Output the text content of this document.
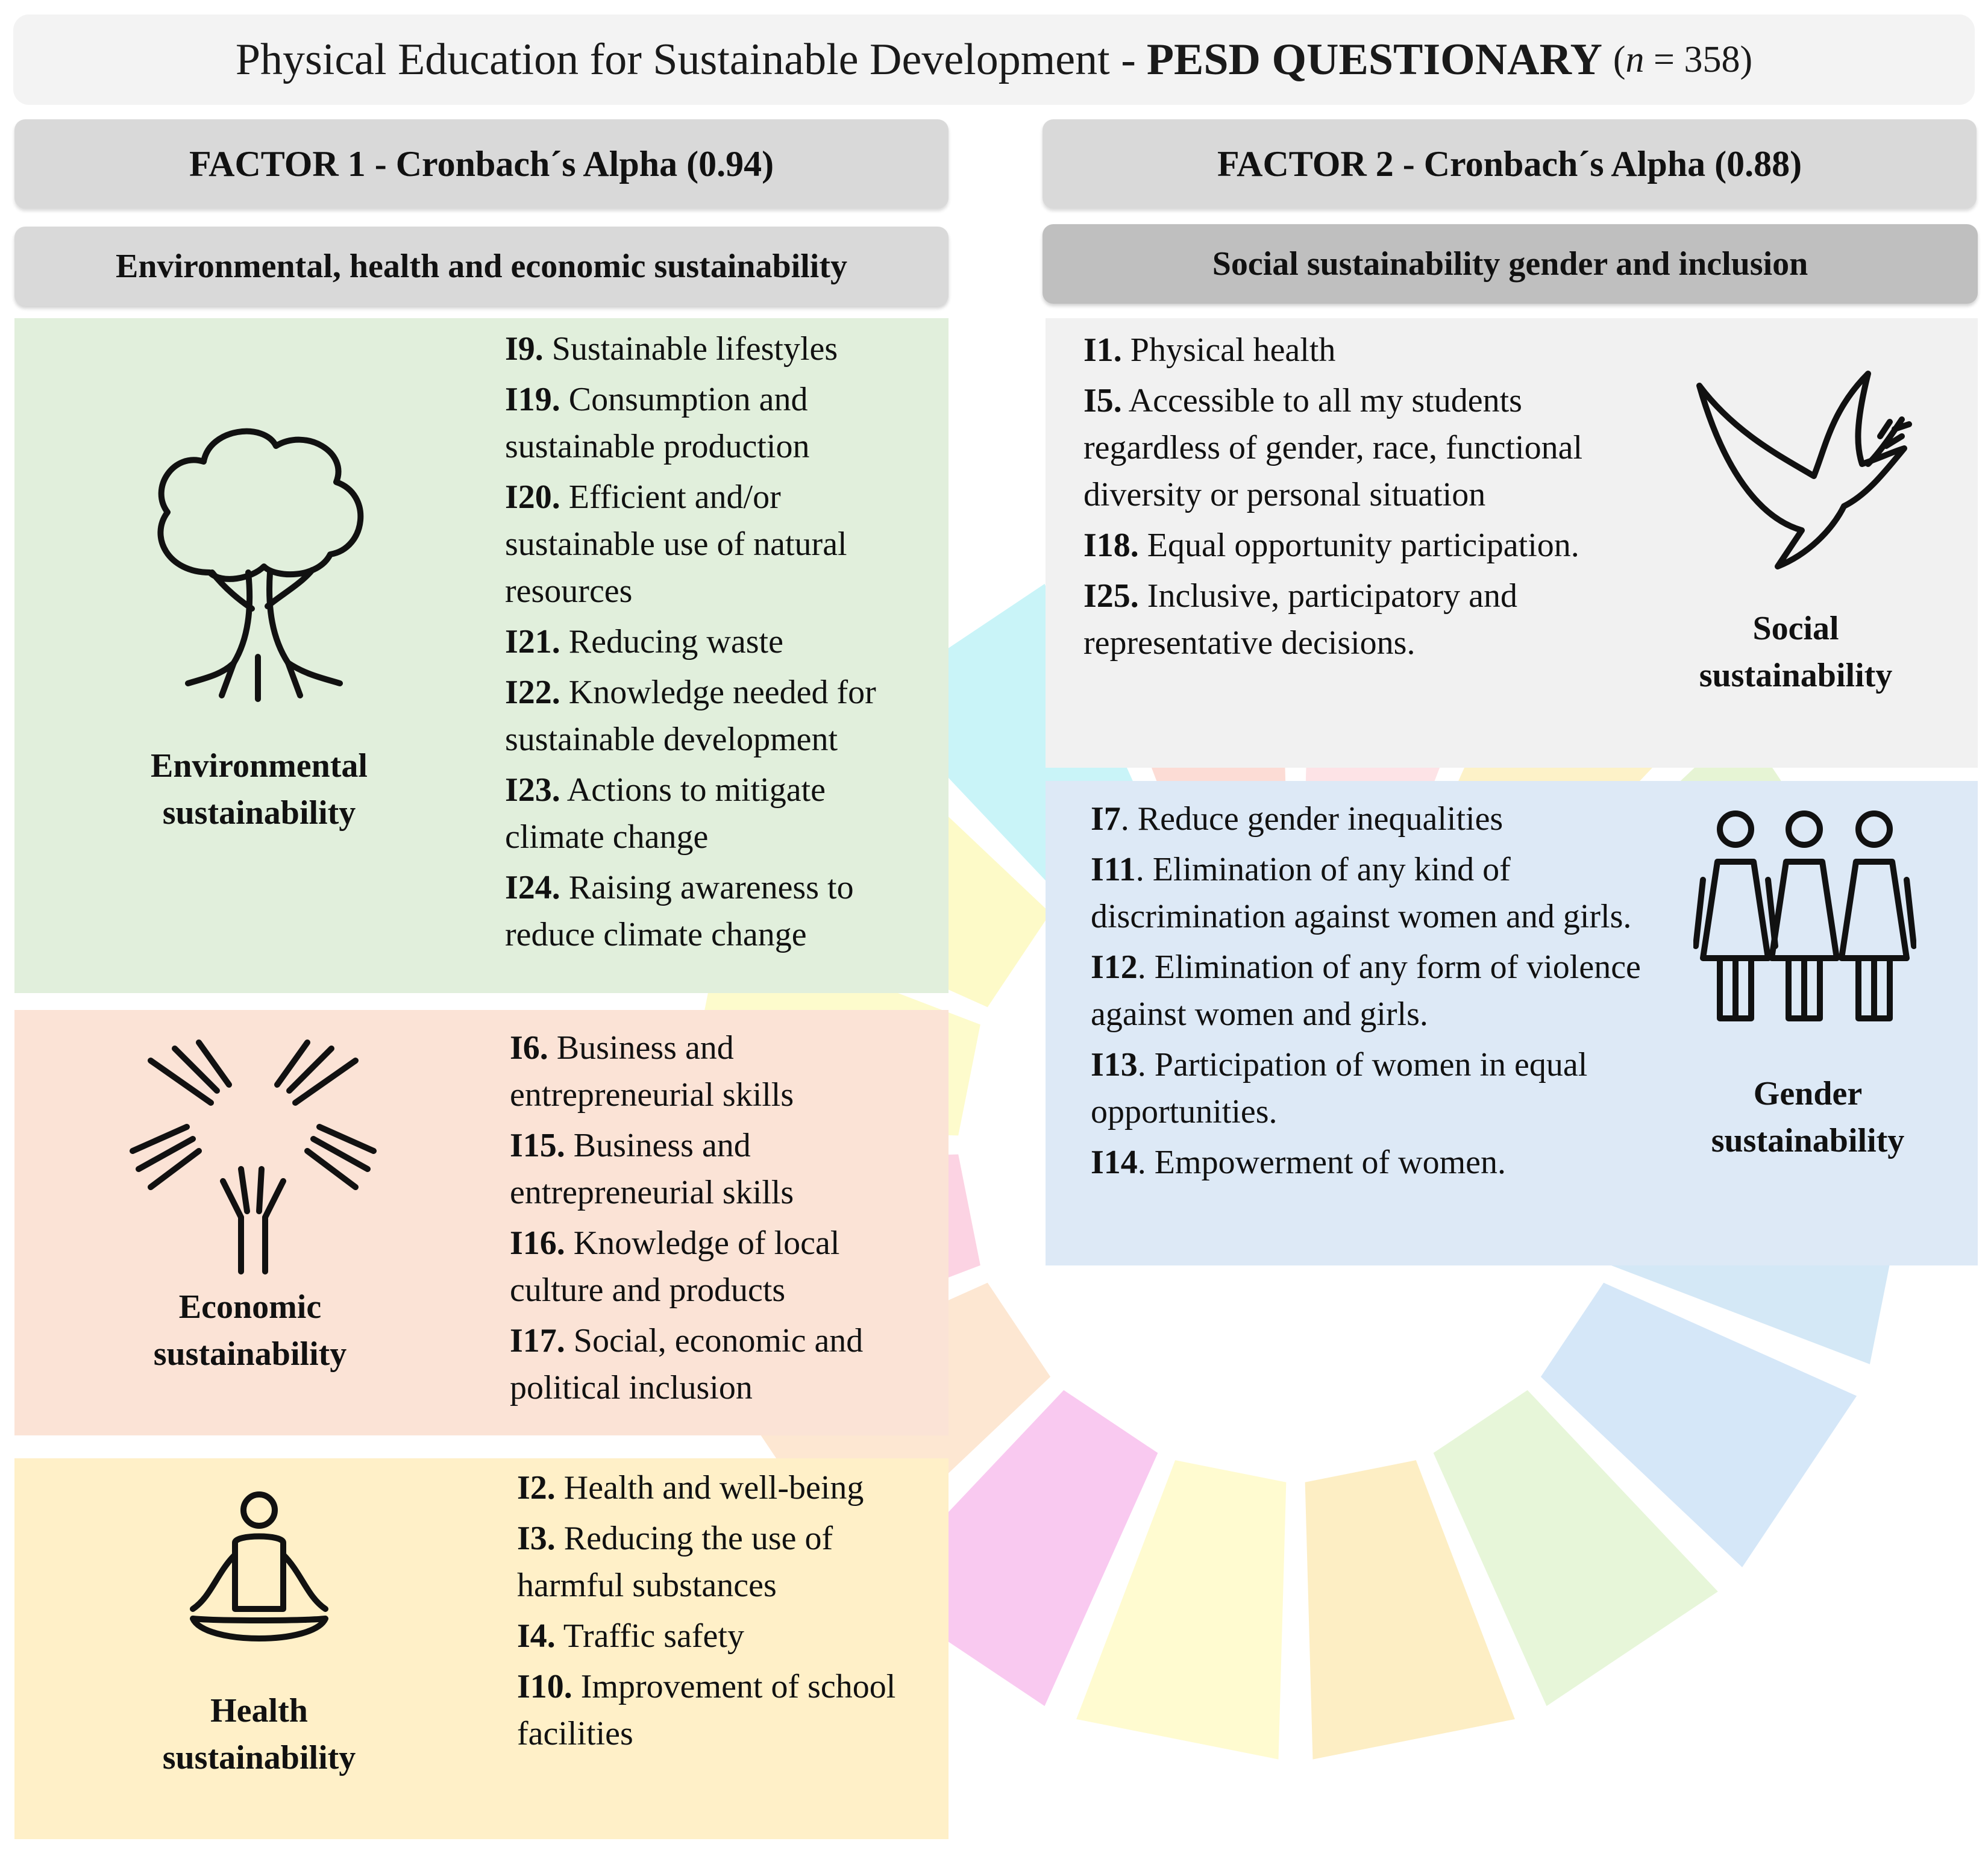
Physical Education for Sustainable Development - PESD QUESTIONARY (n = 358)
FACTOR 1 - Cronbach´s Alpha (0.94)	FACTOR 2 - Cronbach´s Alpha (0.88)
Environmental, health and economic sustainability	Social sustainability gender and inclusion
Environmental
sustainability
I9. Sustainable lifestyles
I19. Consumption and sustainable production
I20. Efficient and/or sustainable use of natural resources
I21. Reducing waste
I22. Knowledge needed for sustainable development
I23. Actions to mitigate climate change
I24. Raising awareness to reduce climate change
Economic
sustainability
I6. Business and entrepreneurial skills
I15. Business and entrepreneurial skills
I16. Knowledge of local culture and products
I17. Social, economic and political inclusion
Health
sustainability
I2. Health and well-being
I3. Reducing the use of harmful substances
I4. Traffic safety
I10. Improvement of school facilities
Social
sustainability
I1. Physical health
I5. Accessible to all my students regardless of gender, race, functional diversity or personal situation
I18. Equal opportunity participation.
I25. Inclusive, participatory and representative decisions.
Gender
sustainability
I7. Reduce gender inequalities
I11. Elimination of any kind of discrimination against women and girls.
I12. Elimination of any form of violence against women and girls.
I13. Participation of women in equal opportunities.
I14. Empowerment of women.
